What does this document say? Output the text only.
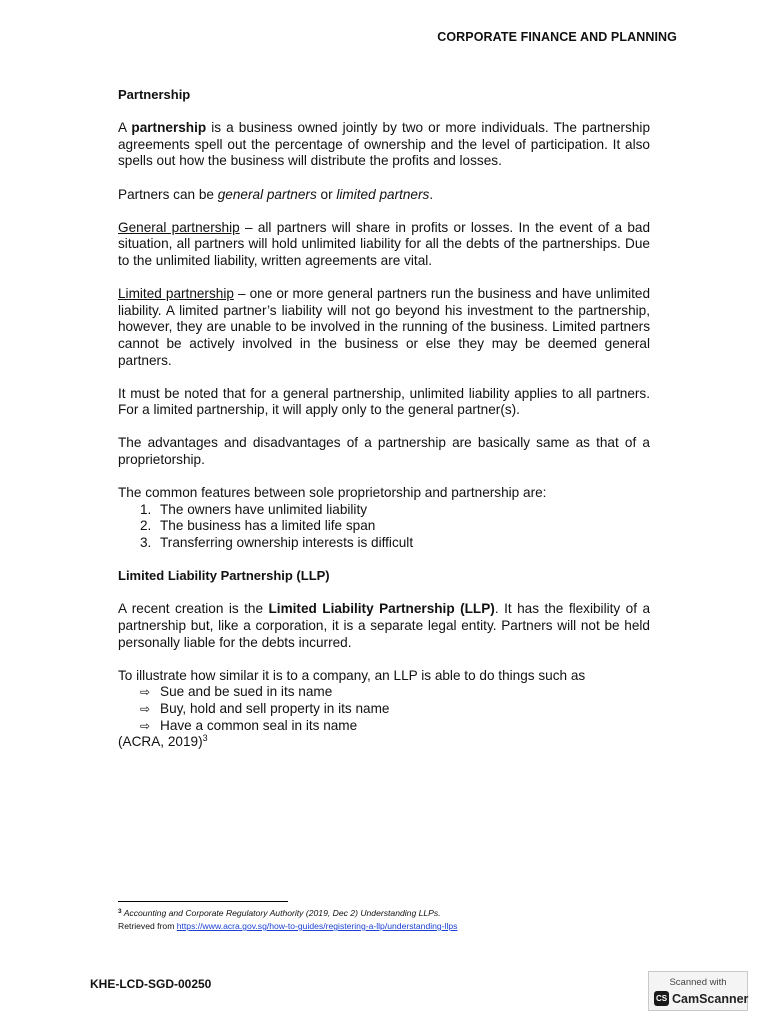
CORPORATE FINANCE AND PLANNING

Partnership

A partnership is a business owned jointly by two or more individuals. The partnership agreements spell out the percentage of ownership and the level of participation. It also spells out how the business will distribute the profits and losses.

Partners can be general partners or limited partners.

General partnership – all partners will share in profits or losses. In the event of a bad situation, all partners will hold unlimited liability for all the debts of the partnerships. Due to the unlimited liability, written agreements are vital.

Limited partnership – one or more general partners run the business and have unlimited liability. A limited partner’s liability will not go beyond his investment to the partnership, however, they are unable to be involved in the running of the business. Limited partners cannot be actively involved in the business or else they may be deemed general partners.

It must be noted that for a general partnership, unlimited liability applies to all partners. For a limited partnership, it will apply only to the general partner(s).

The advantages and disadvantages of a partnership are basically same as that of a proprietorship.

The common features between sole proprietorship and partnership are:

1. The owners have unlimited liability
2. The business has a limited life span
3. Transferring ownership interests is difficult

Limited Liability Partnership (LLP)

A recent creation is the Limited Liability Partnership (LLP). It has the flexibility of a partnership but, like a corporation, it is a separate legal entity. Partners will not be held personally liable for the debts incurred.

To illustrate how similar it is to a company, an LLP is able to do things such as

⇨ Sue and be sued in its name
⇨ Buy, hold and sell property in its name
⇨ Have a common seal in its name

(ACRA, 2019)$^3$

$^3$ Accounting and Corporate Regulatory Authority (2019, Dec 2) Understanding LLPs.
Retrieved from https://www.acra.gov.sg/how-to-guides/registering-a-llp/understanding-llps
KHE-LCD-SGD-00250	Scanned with
CS CamScanner
